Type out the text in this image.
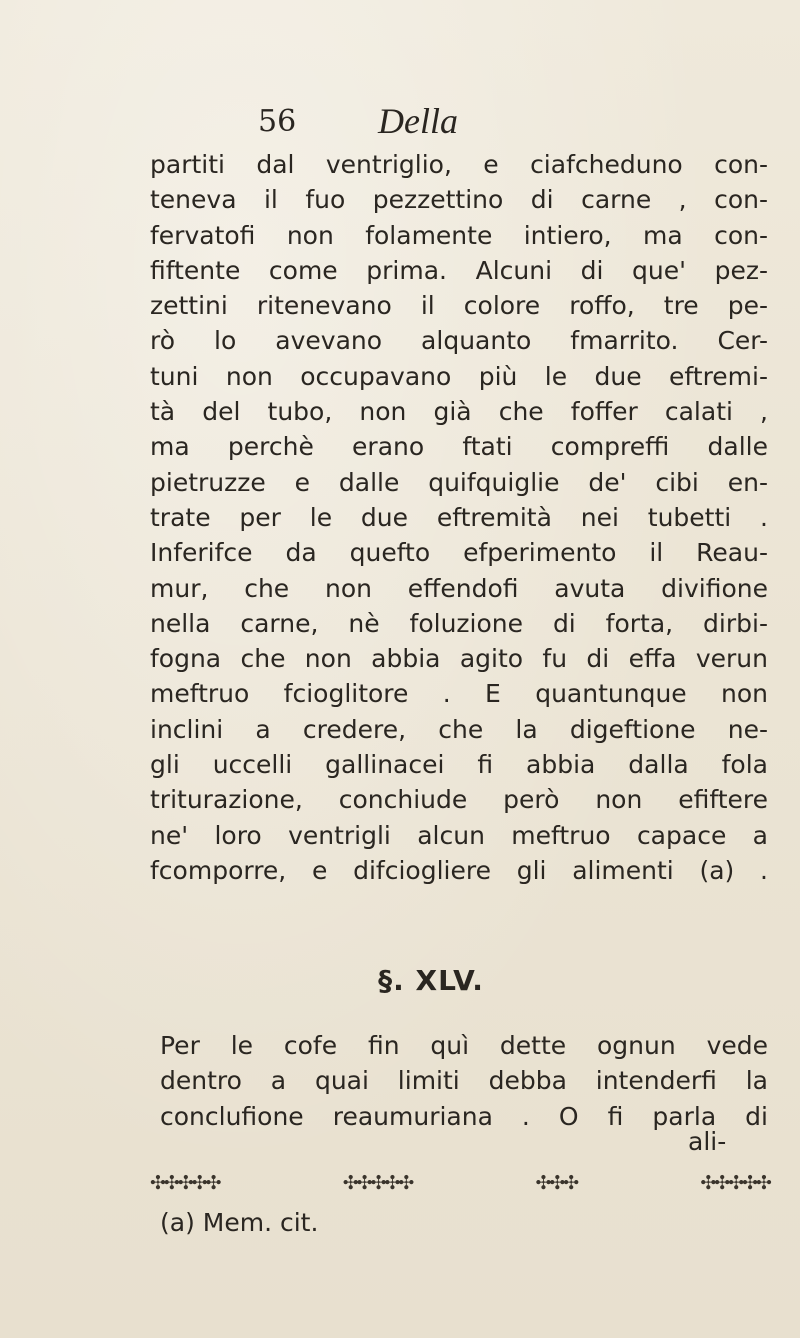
56 Della
partiti dal ventriglio, e ciafcheduno con-
teneva il fuo pezzettino di carne , con-
fervatofi non folamente intiero, ma con-
fiftente come prima. Alcuni di que' pez-
zettini ritenevano il colore roffo, tre pe-
rò lo avevano alquanto fmarrito. Cer-
tuni non occupavano più le due eftremi-
tà del tubo, non già che foffer calati ,
ma perchè erano ftati compreffi dalle
pietruzze e dalle quifquiglie de' cibi en-
trate per le due eftremità nei tubetti .
Inferifce da quefto efperimento il Reau-
mur, che non effendofi avuta divifione
nella carne, nè foluzione di forta, dirbi-
fogna che non abbia agito fu di effa verun
meftruo fcioglitore . E quantunque non
inclini a credere, che la digeftione ne-
gli uccelli gallinacei fi abbia dalla fola
triturazione, conchiude però non efiftere
ne' loro ventrigli alcun meftruo capace a
fcomporre, e difciogliere gli alimenti (a) .
§. XLV.
Per le cofe fin quì dette ognun vede
dentro a quai limiti debba intenderfi la
conclufione reaumuriana . O fi parla di
ali-
✣✣✣✣✣	✣✣✣✣✣	✣✣✣	✣✣✣✣✣
(a) Mem. cit.
